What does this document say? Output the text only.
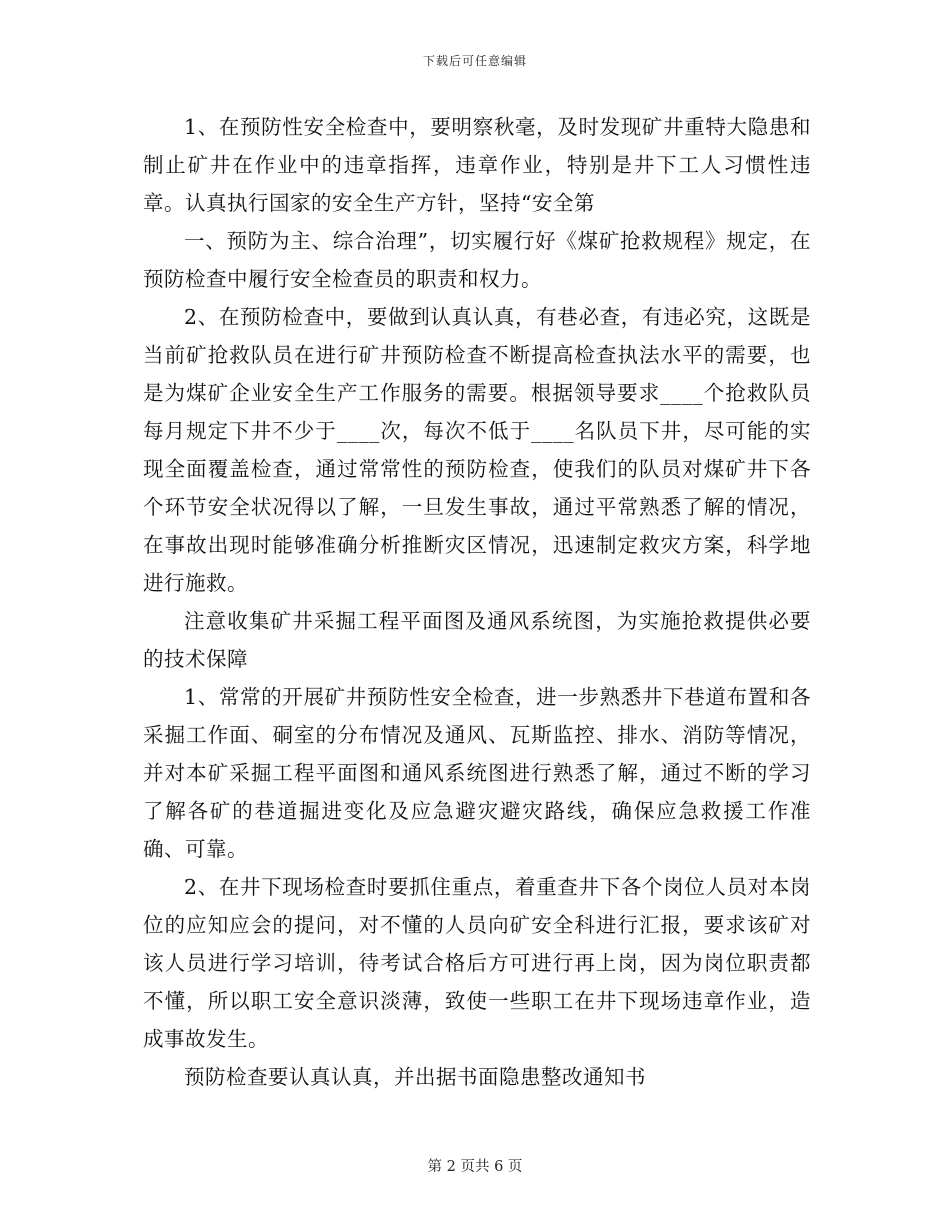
下载后可任意编辑

1、在预防性安全检查中，要明察秋毫，及时发现矿井重特大隐患和制止矿井在作业中的违章指挥，违章作业，特别是井下工人习惯性违章。认真执行国家的安全生产方针，坚持“安全第

一、预防为主、综合治理”，切实履行好《煤矿抢救规程》规定，在预防检查中履行安全检查员的职责和权力。

2、在预防检查中，要做到认真认真，有巷必查，有违必究，这既是当前矿抢救队员在进行矿井预防检查不断提高检查执法水平的需要，也是为煤矿企业安全生产工作服务的需要。根据领导要求____个抢救队员每月规定下井不少于____次，每次不低于____名队员下井，尽可能的实现全面覆盖检查，通过常常性的预防检查，使我们的队员对煤矿井下各个环节安全状况得以了解，一旦发生事故，通过平常熟悉了解的情况，在事故出现时能够准确分析推断灾区情况，迅速制定救灾方案，科学地进行施救。

注意收集矿井采掘工程平面图及通风系统图，为实施抢救提供必要的技术保障

1、常常的开展矿井预防性安全检查，进一步熟悉井下巷道布置和各采掘工作面、硐室的分布情况及通风、瓦斯监控、排水、消防等情况，并对本矿采掘工程平面图和通风系统图进行熟悉了解，通过不断的学习了解各矿的巷道掘进变化及应急避灾避灾路线，确保应急救援工作准确、可靠。

2、在井下现场检查时要抓住重点，着重查井下各个岗位人员对本岗位的应知应会的提问，对不懂的人员向矿安全科进行汇报，要求该矿对该人员进行学习培训，待考试合格后方可进行再上岗，因为岗位职责都不懂，所以职工安全意识淡薄，致使一些职工在井下现场违章作业，造成事故发生。

预防检查要认真认真，并出据书面隐患整改通知书

第 2 页共 6 页
